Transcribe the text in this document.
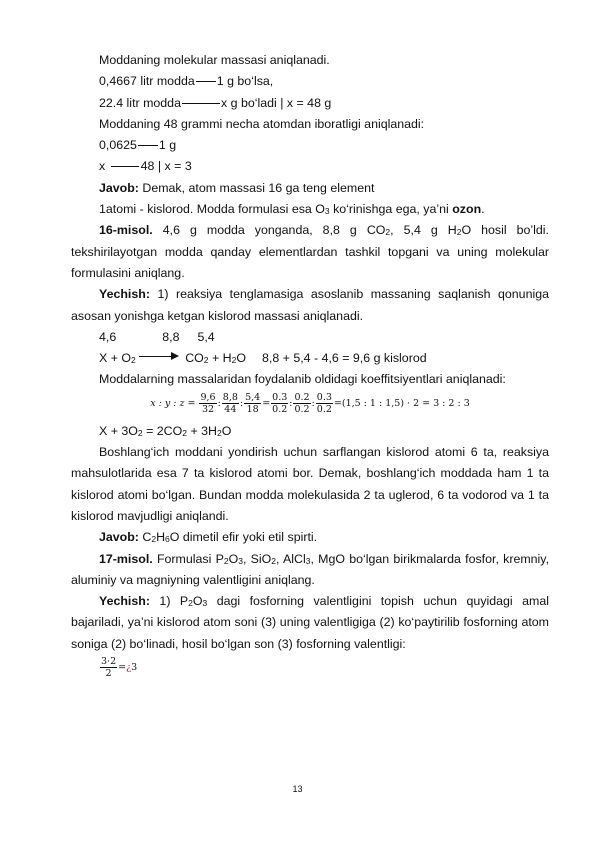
Moddaning molekular massasi aniqlanadi.

0,4667 litr modda 1 g bo‘lsa,

22.4 litr modda	x g bo‘ladi | x = 48 g

Moddaning 48 grammi necha atomdan iboratligi aniqlanadi:

0,0625 1 g

x	48 | x = 3

Javob: Demak, atom massasi 16 ga teng element

1atomi - kislorod. Modda formulasi esa $O_3$ ko‘rinishga ega, ya’ni ozon.

16-misol. 4,6 g modda yonganda, 8,8 g $CO_2$, 5,4 g $H_2O$ hosil bo’ldi. tekshirilayotgan modda qanday elementlardan tashkil topgani va uning molekular formulasini aniqlang.

Yechish: 1) reaksiya tenglamasiga asoslanib massaning saqlanish qonuniga asosan yonishga ketgan kislorod massasi aniqlanadi.

4,6	8,8 5,4

$X + O_2$	$CO_2 + H_2O$ 8,8 + 5,4 - 4,6 = 9,6 g kislorod

Moddalarning massalaridan foydalanib oldidagi koeffitsiyentlari aniqlanadi:

x : y : $z = \frac{9,6}{32}$ : $\frac{8,8}{44}$ : $\frac{5,4}{18} = \frac{0.3}{0.2}$ : $\frac{0.2}{0.2}$ : $\frac{0.3}{0.2} =(1,5$ : 1 : 1,5) · 2 = 3 : 2 : 3

$X + 3O_2 = 2CO_2 + 3H_2O$

Boshlang‘ich moddani yondirish uchun sarflangan kislorod atomi 6 ta, reaksiya mahsulotlarida esa 7 ta kislorod atomi bor. Demak, boshlang‘ich moddada ham 1 ta kislorod atomi bo‘lgan. Bundan modda molekulasida 2 ta uglerod, 6 ta vodorod va 1 ta kislorod mavjudligi aniqlandi.

Javob: $C_2H_6O$ dimetil efir yoki etil spirti.

17-misol. Formulasi $P_2O_3$, SiO$_2$, AlCl$_3$, MgO bo‘lgan birikmalarda fosfor, kremniy, aluminiy va magniyning valentligini aniqlang.

Yechish: 1) $P_2O_3$ dagi fosforning valentligini topish uchun quyidagi amal bajariladi, ya’ni kislorod atom soni (3) uning valentligiga (2) ko‘paytirilib fosforning atom soniga (2) bo‘linadi, hosil bo‘lgan son (3) fosforning valentligi:

$\frac{3\cdot 2}{2}$ =¿3
13
